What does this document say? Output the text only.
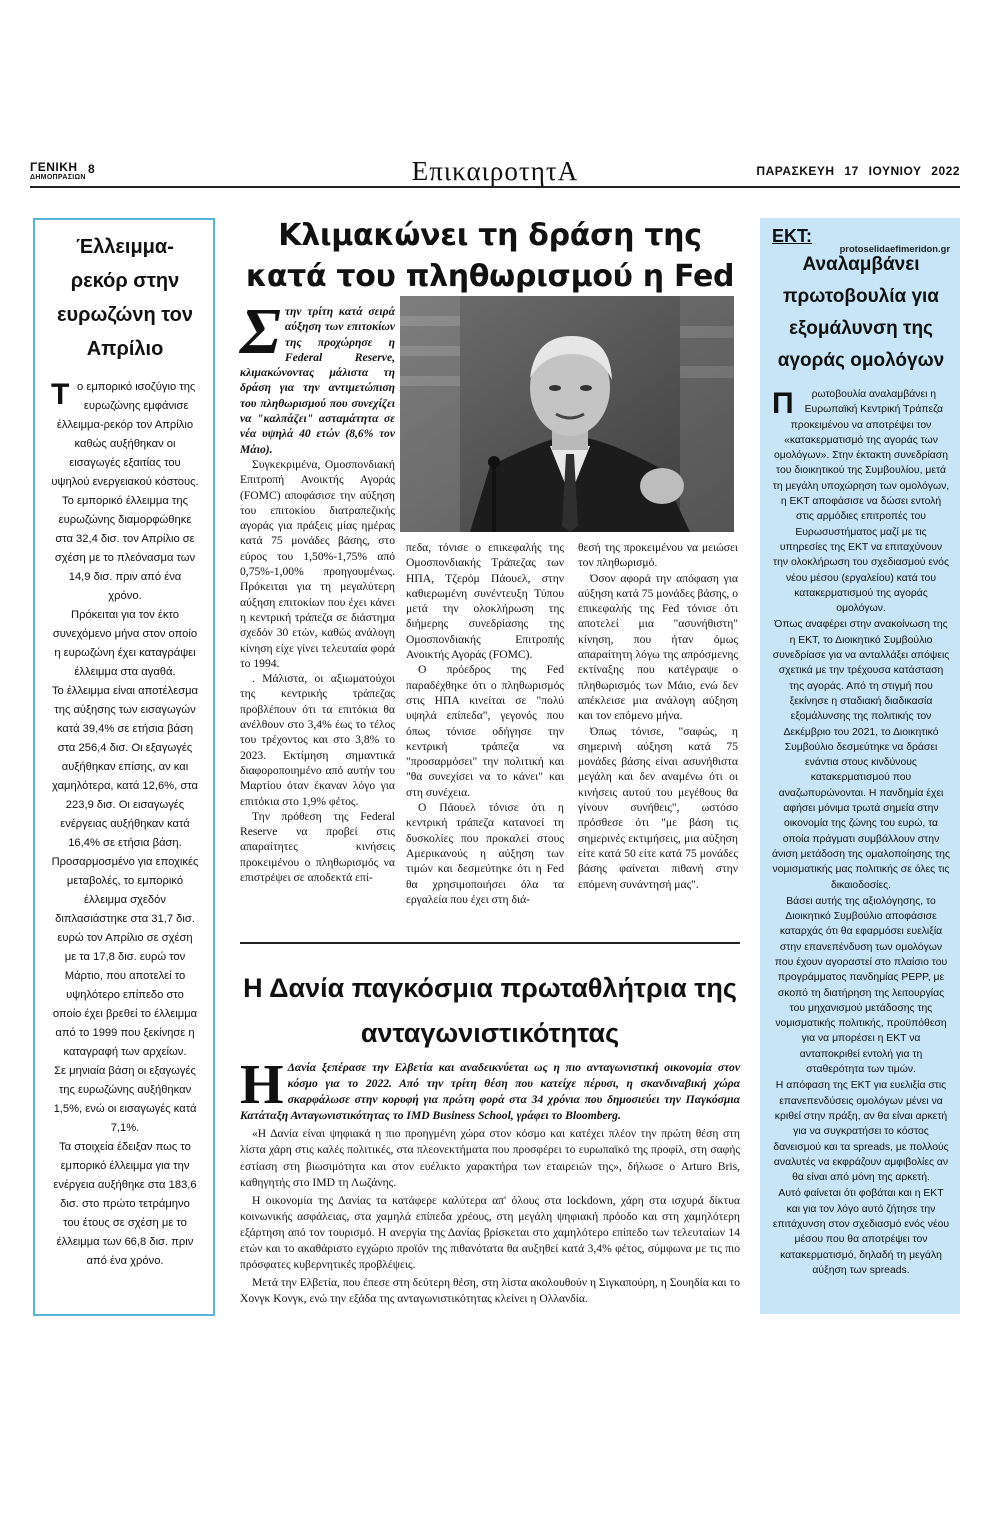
ΓΕΝΙΚΗ
ΔΗΜΟΠΡΑΣΙΩΝ
8	ΕπικαιροτητΑ	ΠΑΡΑΣΚΕΥΗ 17 ΙΟΥΝΙΟΥ 2022
Έλλειμμα-ρεκόρ στην ευρωζώνη τον Απρίλιο

Το εμπορικό ισοζύγιο της ευρωζώνης εμφάνισε έλλειμμα-ρεκόρ τον Απρίλιο καθώς αυξήθηκαν οι εισαγωγές εξαιτίας του υψηλού ενεργειακού κόστους.

Το εμπορικό έλλειμμα της ευρωζώνης διαμορφώθηκε στα 32,4 δισ. τον Απρίλιο σε σχέση με το πλεόνασμα των 14,9 δισ. πριν από ένα χρόνο.

Πρόκειται για τον έκτο συνεχόμενο μήνα στον οποίο η ευρωζώνη έχει καταγράψει έλλειμμα στα αγαθά.

Το έλλειμμα είναι αποτέλεσμα της αύξησης των εισαγωγών κατά 39,4% σε ετήσια βάση στα 256,4 δισ. Οι εξαγωγές αυξήθηκαν επίσης, αν και χαμηλότερα, κατά 12,6%, στα 223,9 δισ. Οι εισαγωγές ενέργειας αυξήθηκαν κατά 16,4% σε ετήσια βάση.

Προσαρμοσμένο για εποχικές μεταβολές, το εμπορικό έλλειμμα σχεδόν διπλασιάστηκε στα 31,7 δισ. ευρώ τον Απρίλιο σε σχέση με τα 17,8 δισ. ευρώ τον Μάρτιο, που αποτελεί το υψηλότερο επίπεδο στο οποίο έχει βρεθεί το έλλειμμα από το 1999 που ξεκίνησε η καταγραφή των αρχείων.

Σε μηνιαία βάση οι εξαγωγές της ευρωζώνης αυξήθηκαν 1,5%, ενώ οι εισαγωγές κατά 7,1%.

Τα στοιχεία έδειξαν πως το εμπορικό έλλειμμα για την ενέργεια αυξήθηκε στα 183,6 δισ. στο πρώτο τετράμηνο του έτους σε σχέση με το έλλειμμα των 66,8 δισ. πριν από ένα χρόνο.

Κλιμακώνει τη δράση της κατά του πληθωρισμού η Fed

Στην τρίτη κατά σειρά αύξηση των επιτοκίων της προχώρησε η Federal Reserve, κλιμακώνοντας μάλιστα τη δράση για την αντιμετώπιση του πληθωρισμού που συνεχίζει να "καλπάζει" ασταμάτητα σε νέα υψηλά 40 ετών (8,6% τον Μάιο).

Συγκεκριμένα, Ομοσπονδιακή Επιτροπή Ανοικτής Αγοράς (FOMC) αποφάσισε την αύξηση του επιτοκίου διατραπεζικής αγοράς για πράξεις μίας ημέρας κατά 75 μονάδες βάσης, στο εύρος του 1,50%-1,75% από 0,75%-1,00% προηγουμένως. Πρόκειται για τη μεγαλύτερη αύξηση επιτοκίων που έχει κάνει η κεντρική τράπεζα σε διάστημα σχεδόν 30 ετών, καθώς ανάλογη κίνηση είχε γίνει τελευταία φορά το 1994.

. Μάλιστα, οι αξιωματούχοι της κεντρικής τράπεζας προβλέπουν ότι τα επιτόκια θα ανέλθουν στο 3,4% έως το τέλος του τρέχοντος και στο 3,8% το 2023. Εκτίμηση σημαντικά διαφοροποιημένο από αυτήν του Μαρτίου όταν έκαναν λόγο για επιτόκια στο 1,9% φέτος.

Την πρόθεση της Federal Reserve να προβεί στις απαραίτητες κινήσεις προκειμένου ο πληθωρισμός να επιστρέψει σε αποδεκτά επί-

πεδα, τόνισε ο επικεφαλής της Ομοσπονδιακής Τράπεζας των ΗΠΑ, Τζερόμ Πάουελ, στην καθιερωμένη συνέντευξη Τύπου μετά την ολοκλήρωση της διήμερης συνεδρίασης της Ομοσπονδιακής Επιτροπής Ανοικτής Αγοράς (FOMC).

Ο πρόεδρος της Fed παραδέχθηκε ότι ο πληθωρισμός στις ΗΠΑ κινείται σε "πολύ υψηλά επίπεδα", γεγονός που όπως τόνισε οδήγησε την κεντρική τράπεζα να "προσαρμόσει" την πολιτική και "θα συνεχίσει να το κάνει" και στη συνέχεια.

Ο Πάουελ τόνισε ότι η κεντρική τράπεζα κατανοεί τη δυσκολίες που προκαλεί στους Αμερικανούς η αύξηση των τιμών και δεσμεύτηκε ότι η Fed θα χρησιμοποιήσει όλα τα εργαλεία που έχει στη διά-

θεσή της προκειμένου να μειώσει τον πληθωρισμό.

Όσον αφορά την απόφαση για αύξηση κατά 75 μονάδες βάσης, ο επικεφαλής της Fed τόνισε ότι αποτελεί μια "ασυνήθιστη" κίνηση, που ήταν όμως απαραίτητη λόγω της απρόσμενης εκτίναξης που κατέγραψε ο πληθωρισμός των Μάιο, ενώ δεν απέκλεισε μια ανάλογη αύξηση και τον επόμενο μήνα.

Όπως τόνισε, "σαφώς, η σημερινή αύξηση κατά 75 μονάδες βάσης είναι ασυνήθιστα μεγάλη και δεν αναμένω ότι οι κινήσεις αυτού του μεγέθους θα γίνουν συνήθεις", ωστόσο πρόσθεσε ότι "με βάση τις σημερινές εκτιμήσεις, μια αύξηση είτε κατά 50 είτε κατά 75 μονάδες βάσης φαίνεται πιθανή στην επόμενη συνάντησή μας".

Η Δανία παγκόσμια πρωταθλήτρια της ανταγωνιστικότητας

Η Δανία ξεπέρασε την Ελβετία και αναδεικνύεται ως η πιο ανταγωνιστική οικονομία στον κόσμο για το 2022. Από την τρίτη θέση που κατείχε πέρυσι, η σκανδιναβική χώρα σκαρφάλωσε στην κορυφή για πρώτη φορά στα 34 χρόνια που δημοσιεύει την Παγκόσμια Κατάταξη Ανταγωνιστικότητας το IMD Business School, γράφει το Bloomberg.

«Η Δανία είναι ψηφιακά η πιο προηγμένη χώρα στον κόσμο και κατέχει πλέον την πρώτη θέση στη λίστα χάρη στις καλές πολιτικές, στα πλεονεκτήματα που προσφέρει το ευρωπαϊκό της προφίλ, στη σαφής εστίαση στη βιωσιμότητα και στον ευέλικτο χαρακτήρα των εταιρειών της», δήλωσε ο Arturo Bris, καθηγητής στο IMD τη Λωζάνης.

Η οικονομία της Δανίας τα κατάφερε καλύτερα απ' όλους στα lockdown, χάρη στα ισχυρά δίκτυα κοινωνικής ασφάλειας, στα χαμηλά επίπεδα χρέους, στη μεγάλη ψηφιακή πρόοδο και στη χαμηλότερη εξάρτηση από τον τουρισμό. Η ανεργία της Δανίας βρίσκεται στο χαμηλότερο επίπεδο των τελευταίων 14 ετών και το ακαθάριστο εγχώριο προϊόν της πιθανότατα θα αυξηθεί κατά 3,4% φέτος, σύμφωνα με τις πιο πρόσφατες κυβερνητικές προβλέψεις.

Μετά την Ελβετία, που έπεσε στη δεύτερη θέση, στη λίστα ακολουθούν η Σιγκαπούρη, η Σουηδία και το Χονγκ Κονγκ, ενώ την εξάδα της ανταγωνιστικότητας κλείνει η Ολλανδία.

ΕΚΤ:
protoselidaefimeridon.gr
Αναλαμβάνει πρωτοβουλία για εξομάλυνση της αγοράς ομολόγων

Π ρωτοβουλία αναλαμβάνει η Ευρωπαϊκή Κεντρική Τράπεζα προκειμένου να αποτρέψει τον «κατακερματισμό της αγοράς των ομολόγων». Στην έκτακτη συνεδρίαση του διοικητικού της Συμβουλίου, μετά τη μεγάλη υποχώρηση των ομολόγων, η ΕΚΤ αποφάσισε να δώσει εντολή στις αρμόδιες επιτροπές του Ευρωσυστήματος μαζί με τις υπηρεσίες της ΕΚΤ να επιταχύνουν την ολοκλήρωση του σχεδιασμού ενός νέου μέσου (εργαλείου) κατά του κατακερματισμού της αγοράς ομολόγων.

Όπως αναφέρει στην ανακοίνωση της η ΕΚΤ, το Διοικητικό Συμβούλιο συνεδρίασε για να ανταλλάξει απόψεις σχετικά με την τρέχουσα κατάσταση της αγοράς. Από τη στιγμή που ξεκίνησε η σταδιακή διαδικασία εξομάλυνσης της πολιτικής τον Δεκέμβριο του 2021, το Διοικητικό Συμβούλιο δεσμεύτηκε να δράσει ενάντια στους κινδύνους κατακερματισμού που αναζωπυρώνονται. Η πανδημία έχει αφήσει μόνιμα τρωτά σημεία στην οικονομία της ζώνης του ευρώ, τα οποία πράγματι συμβάλλουν στην άνιση μετάδοση της ομαλοποίησης της νομισματικής μας πολιτικής σε όλες τις δικαιοδοσίες.

Βάσει αυτής της αξιολόγησης, το Διοικητικό Συμβούλιο αποφάσισε καταρχάς ότι θα εφαρμόσει ευελιξία στην επανεπένδυση των ομολόγων που έχουν αγοραστεί στο πλαίσιο του προγράμματος πανδημίας PEPP, με σκοπό τη διατήρηση της λειτουργίας του μηχανισμού μετάδοσης της νομισματικής πολιτικής, προϋπόθεση για να μπορέσει η ΕΚΤ να ανταποκριθεί εντολή για τη σταθερότητα των τιμών.

Η απόφαση της ΕΚΤ για ευελιξία στις επανεπενδύσεις ομολόγων μένει να κριθεί στην πράξη, αν θα είναι αρκετή για να συγκρατήσει το κόστος δανεισμού και τα spreads, με πολλούς αναλυτές να εκφράζουν αμφιβολίες αν θα είναι από μόνη της αρκετή.

Αυτό φαίνεται ότι φοβάται και η ΕΚΤ και για τον λόγο αυτό ζήτησε την επιτάχυνση στον σχεδιασμό ενός νέου μέσου που θα αποτρέψει τον κατακερματισμό, δηλαδή τη μεγάλη αύξηση των spreads.
